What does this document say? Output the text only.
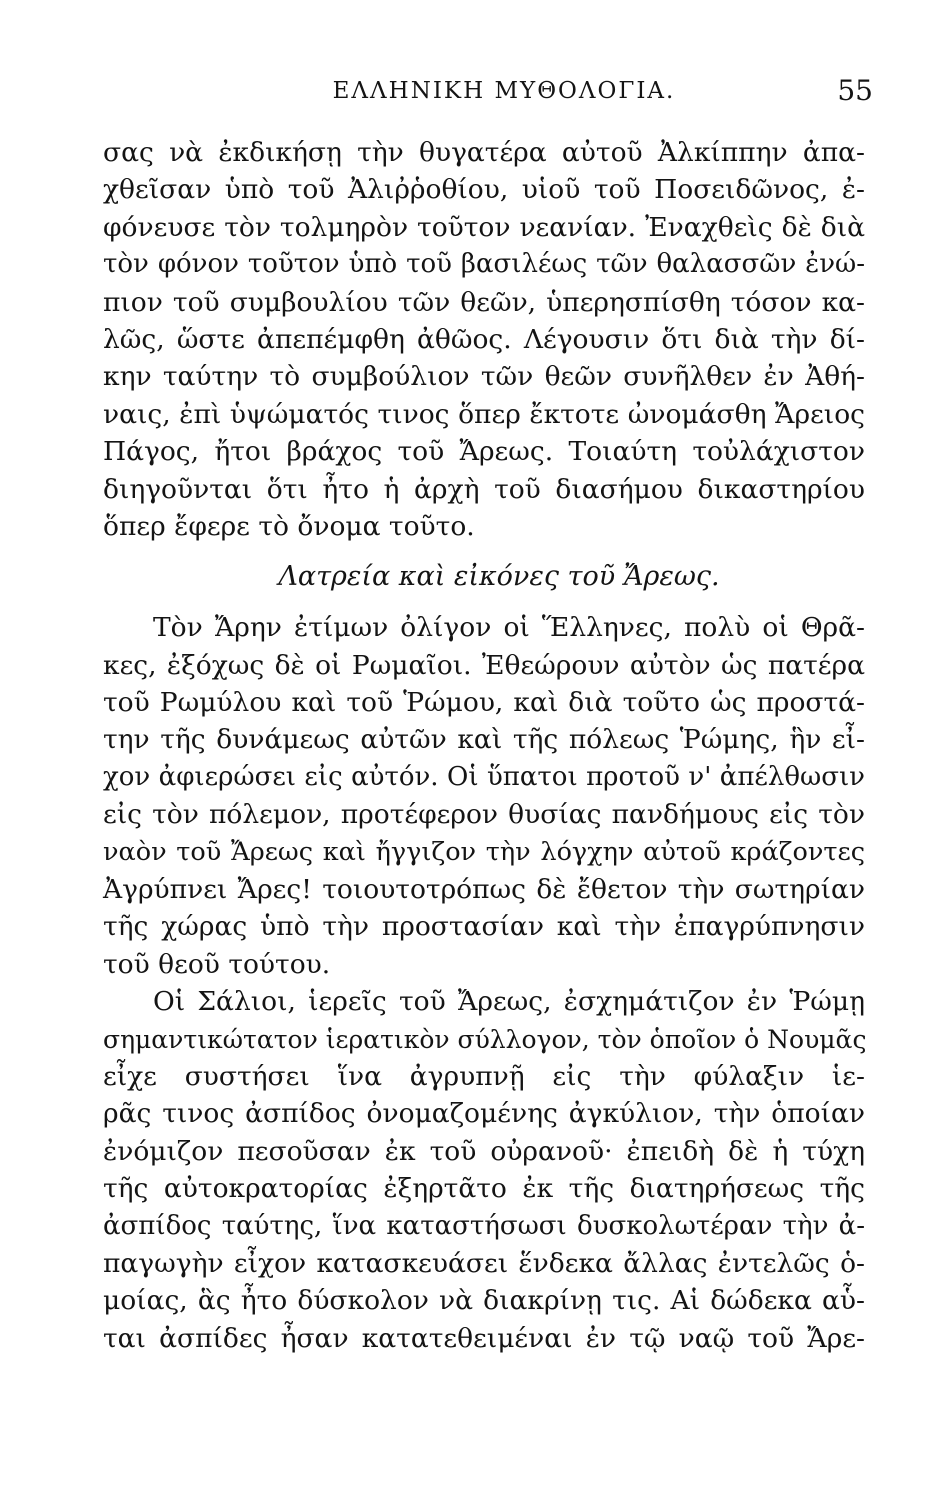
ΕΛΛΗΝΙΚΗ ΜΥΘΟΛΟΓΙΑ.	55
σας νὰ ἐκδικήσῃ τὴν θυγατέρα αὐτοῦ Ἀλκίππην ἀπα-
χθεῖσαν ὑπὸ τοῦ Ἀλιῤῥοθίου, υἱοῦ τοῦ Ποσειδῶνος, ἐ-
φόνευσε τὸν τολμηρὸν τοῦτον νεανίαν. Ἐναχθεὶς δὲ διὰ
τὸν φόνον τοῦτον ὑπὸ τοῦ βασιλέως τῶν θαλασσῶν ἐνώ-
πιον τοῦ συμβουλίου τῶν θεῶν, ὑπερησπίσθη τόσον κα-
λῶς, ὥστε ἀπεπέμφθη ἀθῶος. Λέγουσιν ὅτι διὰ τὴν δί-
κην ταύτην τὸ συμβούλιον τῶν θεῶν συνῆλθεν ἐν Ἀθή-
ναις, ἐπὶ ὑψώματός τινος ὅπερ ἔκτοτε ὠνομάσθη Ἄρειος
Πάγος, ἤτοι βράχος τοῦ Ἄρεως. Τοιαύτη τοὐλάχιστον
διηγοῦνται ὅτι ἦτο ἡ ἀρχὴ τοῦ διασήμου δικαστηρίου
ὅπερ ἔφερε τὸ ὄνομα τοῦτο.
Λατρεία καὶ εἰκόνες τοῦ Ἄρεως.
Τὸν Ἄρην ἐτίμων ὀλίγον οἱ Ἕλληνες, πολὺ οἱ Θρᾶ-
κες, ἐξόχως δὲ οἱ Ρωμαῖοι. Ἐθεώρουν αὐτὸν ὡς πατέρα
τοῦ Ρωμύλου καὶ τοῦ Ῥώμου, καὶ διὰ τοῦτο ὡς προστά-
την τῆς δυνάμεως αὐτῶν καὶ τῆς πόλεως Ῥώμης, ἣν εἶ-
χον ἀφιερώσει εἰς αὐτόν. Οἱ ὕπατοι προτοῦ ν' ἀπέλθωσιν
εἰς τὸν πόλεμον, προτέφερον θυσίας πανδήμους εἰς τὸν
ναὸν τοῦ Ἄρεως καὶ ἤγγιζον τὴν λόγχην αὐτοῦ κράζοντες
Ἀγρύπνει Ἄρες! τοιουτοτρόπως δὲ ἔθετον τὴν σωτηρίαν
τῆς χώρας ὑπὸ τὴν προστασίαν καὶ τὴν ἐπαγρύπνησιν
τοῦ θεοῦ τούτου.
Οἱ Σάλιοι, ἱερεῖς τοῦ Ἄρεως, ἐσχημάτιζον ἐν Ῥώμῃ
σημαντικώτατον ἱερατικὸν σύλλογον, τὸν ὁποῖον ὁ Νουμᾶς
εἶχε συστήσει ἵνα ἀγρυπνῇ εἰς τὴν φύλαξιν ἱε-
ρᾶς τινος ἀσπίδος ὀνομαζομένης ἀγκύλιον, τὴν ὁποίαν
ἐνόμιζον πεσοῦσαν ἐκ τοῦ οὐρανοῦ· ἐπειδὴ δὲ ἡ τύχη
τῆς αὐτοκρατορίας ἐξηρτᾶτο ἐκ τῆς διατηρήσεως τῆς
ἀσπίδος ταύτης, ἵνα καταστήσωσι δυσκολωτέραν τὴν ἀ-
παγωγὴν εἶχον κατασκευάσει ἕνδεκα ἄλλας ἐντελῶς ὁ-
μοίας, ἃς ἦτο δύσκολον νὰ διακρίνῃ τις. Αἱ δώδεκα αὗ-
ται ἀσπίδες ἦσαν κατατεθειμέναι ἐν τῷ ναῷ τοῦ Ἄρε-
